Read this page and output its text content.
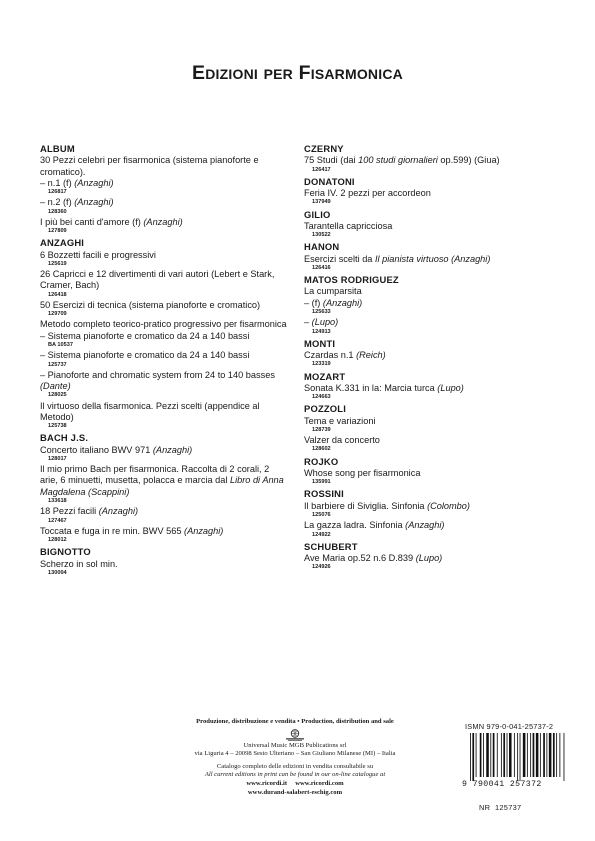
Edizioni per Fisarmonica
ALBUM
30 Pezzi celebri per fisarmonica (sistema pianoforte e cromatico).
– n.1 (f) (Anzaghi)
126817
– n.2 (f) (Anzaghi)
128360
I più bei canti d'amore (f) (Anzaghi)
127809
ANZAGHI
6 Bozzetti facili e progressivi
125619
26 Capricci e 12 divertimenti di vari autori (Lebert e Stark, Cramer, Bach)
126418
50 Esercizi di tecnica (sistema pianoforte e cromatico)
129709
Metodo completo teorico-pratico progressivo per fisarmonica
– Sistema pianoforte e cromatico da 24 a 140 bassi
BA 10537
– Sistema pianoforte e cromatico da 24 a 140 bassi
125737
– Pianoforte and chromatic system from 24 to 140 basses (Dante)
128025
Il virtuoso della fisarmonica. Pezzi scelti (appendice al Metodo)
125738
BACH J.S.
Concerto italiano BWV 971 (Anzaghi)
128017
Il mio primo Bach per fisarmonica. Raccolta di 2 corali, 2 arie, 6 minuetti, musetta, polacca e marcia dal Libro di Anna Magdalena (Scappini)
133618
18 Pezzi facili (Anzaghi)
127467
Toccata e fuga in re min. BWV 565 (Anzaghi)
128012
BIGNOTTO
Scherzo in sol min.
130004
CZERNY
75 Studi (dai 100 studi giornalieri op.599) (Giua)
126417
DONATONI
Feria IV. 2 pezzi per accordeon
137949
GILIO
Tarantella capricciosa
130522
HANON
Esercizi scelti da Il pianista virtuoso (Anzaghi)
126416
MATOS RODRIGUEZ
La cumparsita
– (f) (Anzaghi)
125633
– (Lupo)
124913
MONTI
Czardas n.1 (Reich)
123319
MOZART
Sonata K.331 in la: Marcia turca (Lupo)
124663
POZZOLI
Tema e variazioni
128739
Valzer da concerto
128602
ROJKO
Whose song per fisarmonica
135991
ROSSINI
Il barbiere di Siviglia. Sinfonia (Colombo)
125076
La gazza ladra. Sinfonia (Anzaghi)
124922
SCHUBERT
Ave Maria op.52 n.6 D.839 (Lupo)
124926
Produzione, distribuzione e vendita • Production, distribution and sale
Universal Music MGB Publications srl
via Liguria 4 – 20098 Sesto Ulteriano – San Giuliano Milanese (MI) – Italia
Catalogo completo delle edizioni in vendita consultabile su
All current editions in print can be found in our on-line catalogue at
www.ricordi.it     www.ricordi.com
www.durand-salabert-eschig.com
ISMN 979-0-041-25737-2
9 790041 257372
NR  125737
